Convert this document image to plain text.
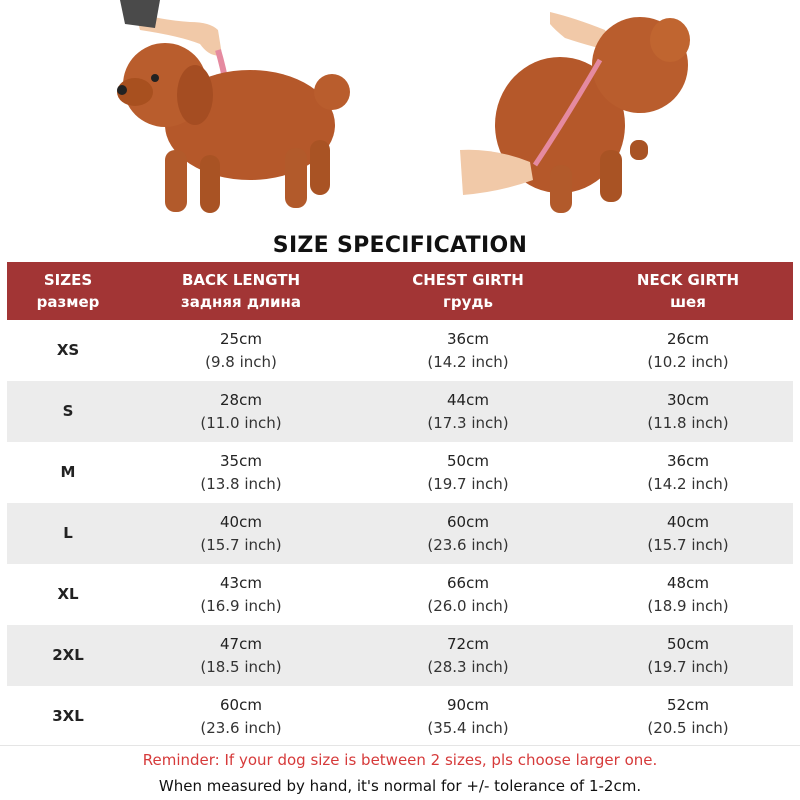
SIZE SPECIFICATION
SIZES
размер
BACK LENGTH
задняя длина
CHEST GIRTH
грудь
NECK GIRTH
шея
XS
25cm
(9.8 inch)
36cm
(14.2 inch)
26cm
(10.2 inch)
S
28cm
(11.0 inch)
44cm
(17.3 inch)
30cm
(11.8 inch)
M
35cm
(13.8 inch)
50cm
(19.7 inch)
36cm
(14.2 inch)
L
40cm
(15.7 inch)
60cm
(23.6 inch)
40cm
(15.7 inch)
XL
43cm
(16.9 inch)
66cm
(26.0 inch)
48cm
(18.9 inch)
2XL
47cm
(18.5 inch)
72cm
(28.3 inch)
50cm
(19.7 inch)
3XL
60cm
(23.6 inch)
90cm
(35.4 inch)
52cm
(20.5 inch)
Reminder: If your dog size is between 2 sizes, pls choose larger one.
When measured by hand, it's normal for +/- tolerance of 1-2cm.
